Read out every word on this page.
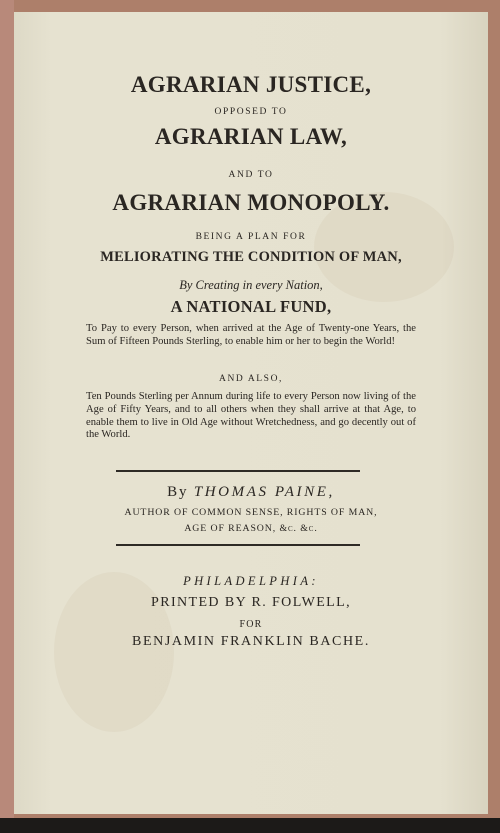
AGRARIAN JUSTICE,
OPPOSED TO
AGRARIAN LAW,
AND TO
AGRARIAN MONOPOLY.
BEING A PLAN FOR
MELIORATING THE CONDITION OF MAN,
By Creating in every Nation,
A NATIONAL FUND,
To Pay to every Person, when arrived at the Age of Twenty-one Years, the Sum of Fifteen Pounds Sterling, to enable him or her to begin the World!
AND ALSO,
Ten Pounds Sterling per Annum during life to every Person now living of the Age of Fifty Years, and to all others when they shall arrive at that Age, to enable them to live in Old Age without Wretchedness, and go decently out of the World.
By THOMAS PAINE,
AUTHOR OF COMMON SENSE, RIGHTS OF MAN,
AGE OF REASON, &c. &c.
PHILADELPHIA:
PRINTED BY R. FOLWELL,
FOR
BENJAMIN FRANKLIN BACHE.
